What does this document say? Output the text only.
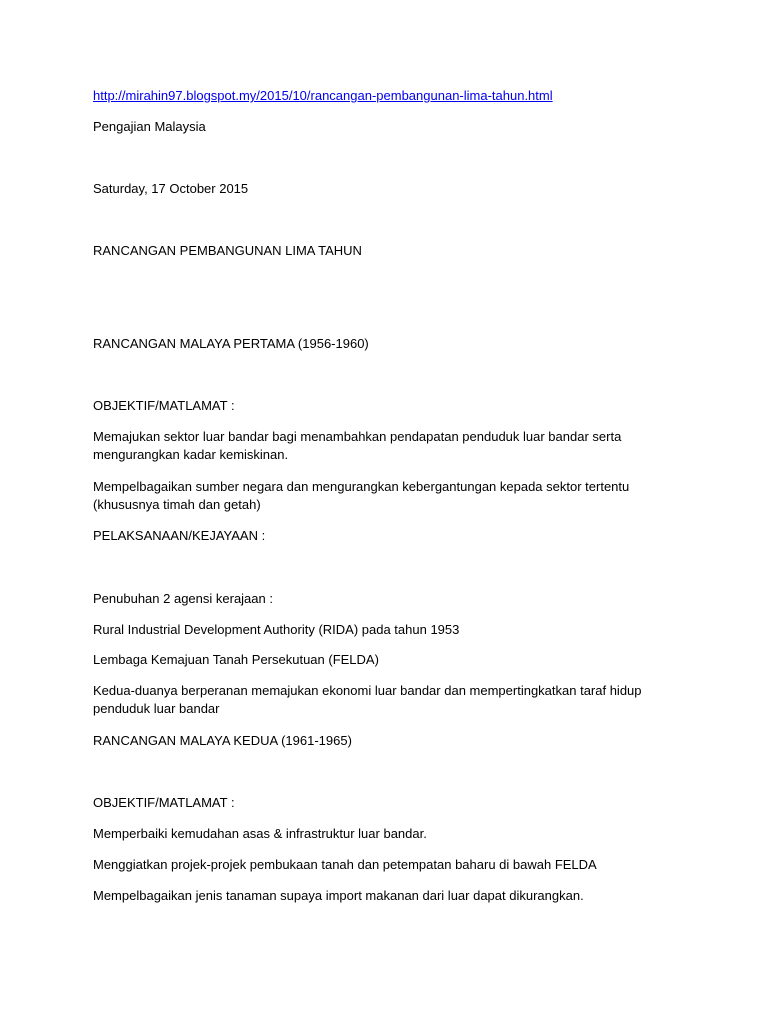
http://mirahin97.blogspot.my/2015/10/rancangan-pembangunan-lima-tahun.html

Pengajian Malaysia

Saturday, 17 October 2015

RANCANGAN PEMBANGUNAN LIMA TAHUN

RANCANGAN MALAYA PERTAMA (1956-1960)

OBJEKTIF/MATLAMAT :

Memajukan sektor luar bandar bagi menambahkan pendapatan penduduk luar bandar serta mengurangkan kadar kemiskinan.

Mempelbagaikan sumber negara dan mengurangkan kebergantungan kepada sektor tertentu (khususnya timah dan getah)

PELAKSANAAN/KEJAYAAN :

Penubuhan 2 agensi kerajaan :

Rural Industrial Development Authority (RIDA) pada tahun 1953

Lembaga Kemajuan Tanah Persekutuan (FELDA)

Kedua-duanya berperanan memajukan ekonomi luar bandar dan mempertingkatkan taraf hidup penduduk luar bandar

RANCANGAN MALAYA KEDUA (1961-1965)

OBJEKTIF/MATLAMAT :

Memperbaiki kemudahan asas & infrastruktur luar bandar.

Menggiatkan projek-projek pembukaan tanah dan petempatan baharu di bawah FELDA

Mempelbagaikan jenis tanaman supaya import makanan dari luar dapat dikurangkan.
